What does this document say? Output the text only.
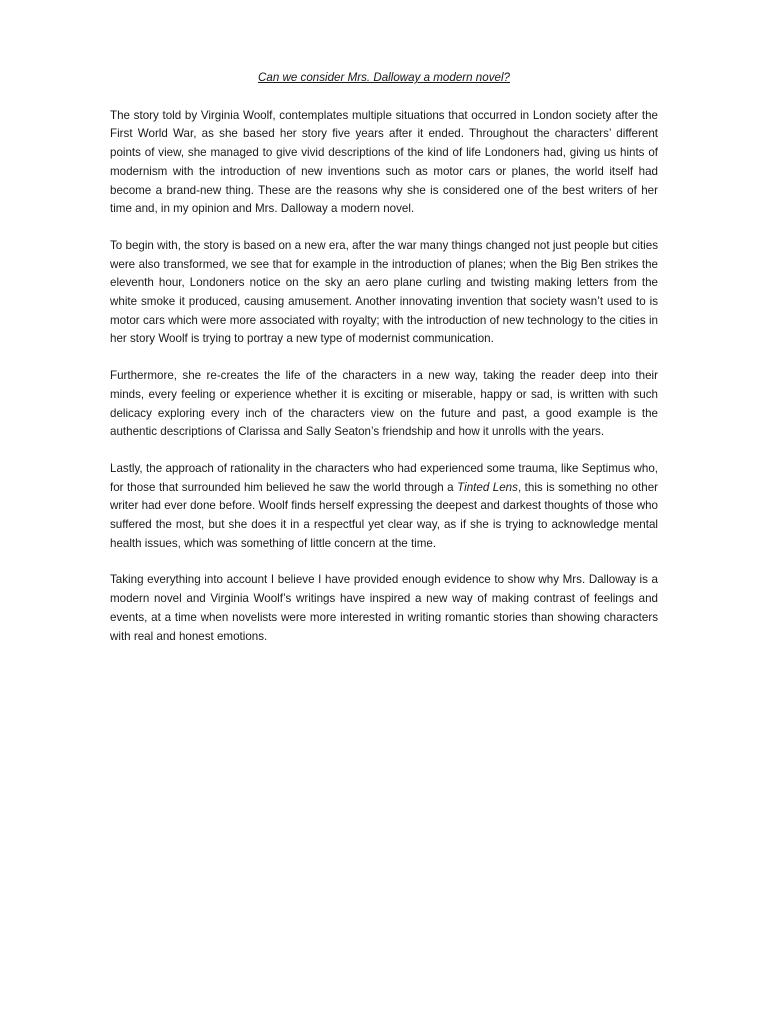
Can we consider Mrs. Dalloway a modern novel?

The story told by Virginia Woolf, contemplates multiple situations that occurred in London society after the First World War, as she based her story five years after it ended. Throughout the characters’ different points of view, she managed to give vivid descriptions of the kind of life Londoners had, giving us hints of modernism with the introduction of new inventions such as motor cars or planes, the world itself had become a brand-new thing. These are the reasons why she is considered one of the best writers of her time and, in my opinion and Mrs. Dalloway a modern novel.

To begin with, the story is based on a new era, after the war many things changed not just people but cities were also transformed, we see that for example in the introduction of planes; when the Big Ben strikes the eleventh hour, Londoners notice on the sky an aero plane curling and twisting making letters from the white smoke it produced, causing amusement. Another innovating invention that society wasn’t used to is motor cars which were more associated with royalty; with the introduction of new technology to the cities in her story Woolf is trying to portray a new type of modernist communication.

Furthermore, she re-creates the life of the characters in a new way, taking the reader deep into their minds, every feeling or experience whether it is exciting or miserable, happy or sad, is written with such delicacy exploring every inch of the characters view on the future and past, a good example is the authentic descriptions of Clarissa and Sally Seaton’s friendship and how it unrolls with the years.

Lastly, the approach of rationality in the characters who had experienced some trauma, like Septimus who, for those that surrounded him believed he saw the world through a Tinted Lens, this is something no other writer had ever done before. Woolf finds herself expressing the deepest and darkest thoughts of those who suffered the most, but she does it in a respectful yet clear way, as if she is trying to acknowledge mental health issues, which was something of little concern at the time.

Taking everything into account I believe I have provided enough evidence to show why Mrs. Dalloway is a modern novel and Virginia Woolf’s writings have inspired a new way of making contrast of feelings and events, at a time when novelists were more interested in writing romantic stories than showing characters with real and honest emotions.
